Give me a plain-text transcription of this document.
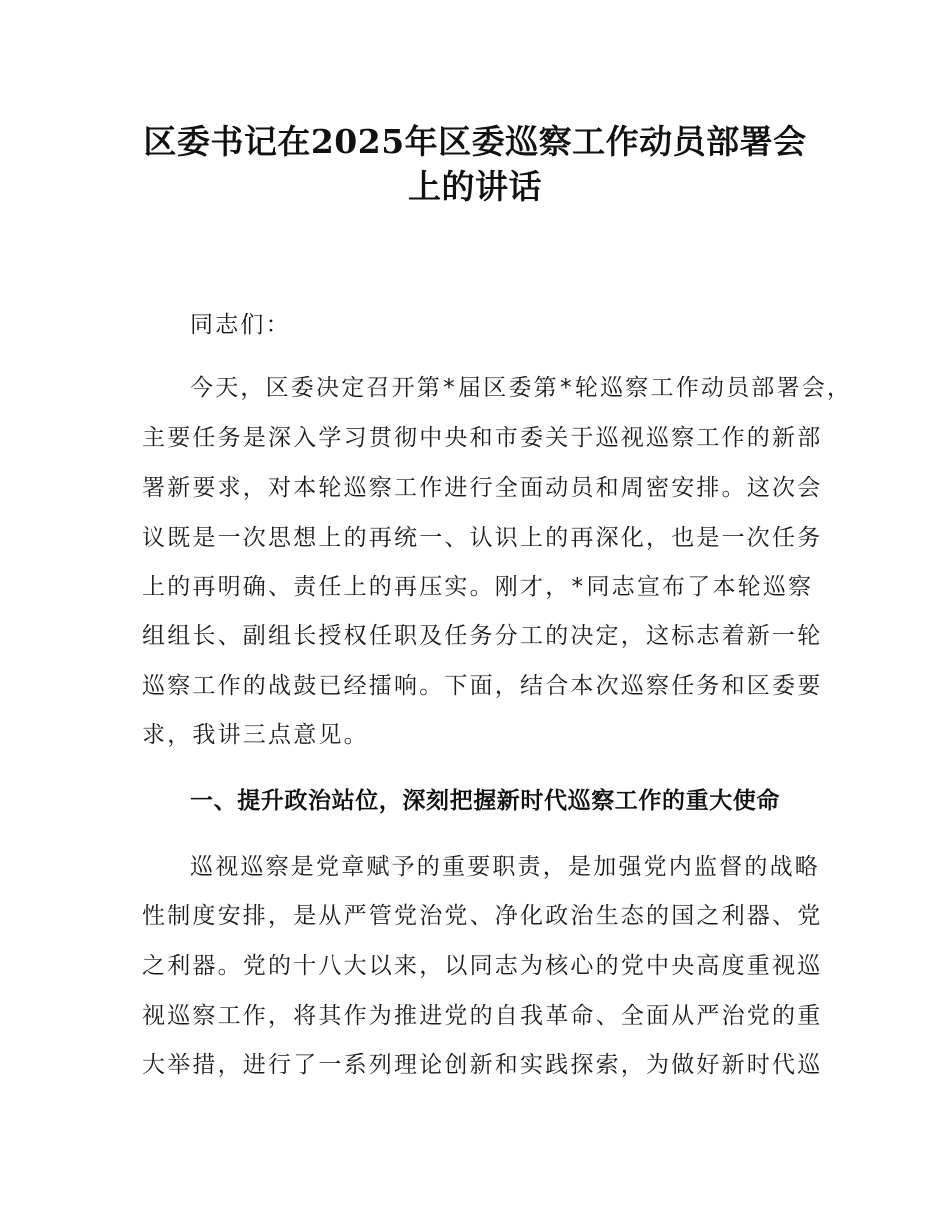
区委书记在2025年区委巡察工作动员部署会
上的讲话
同志们：
今天，区委决定召开第*届区委第*轮巡察工作动员部署会，
主要任务是深入学习贯彻中央和市委关于巡视巡察工作的新部
署新要求，对本轮巡察工作进行全面动员和周密安排。这次会
议既是一次思想上的再统一、认识上的再深化，也是一次任务
上的再明确、责任上的再压实。刚才，*同志宣布了本轮巡察
组组长、副组长授权任职及任务分工的决定，这标志着新一轮
巡察工作的战鼓已经擂响。下面，结合本次巡察任务和区委要
求，我讲三点意见。
一、提升政治站位，深刻把握新时代巡察工作的重大使命
巡视巡察是党章赋予的重要职责，是加强党内监督的战略
性制度安排，是从严管党治党、净化政治生态的国之利器、党
之利器。党的十八大以来，以同志为核心的党中央高度重视巡
视巡察工作，将其作为推进党的自我革命、全面从严治党的重
大举措，进行了一系列理论创新和实践探索，为做好新时代巡
